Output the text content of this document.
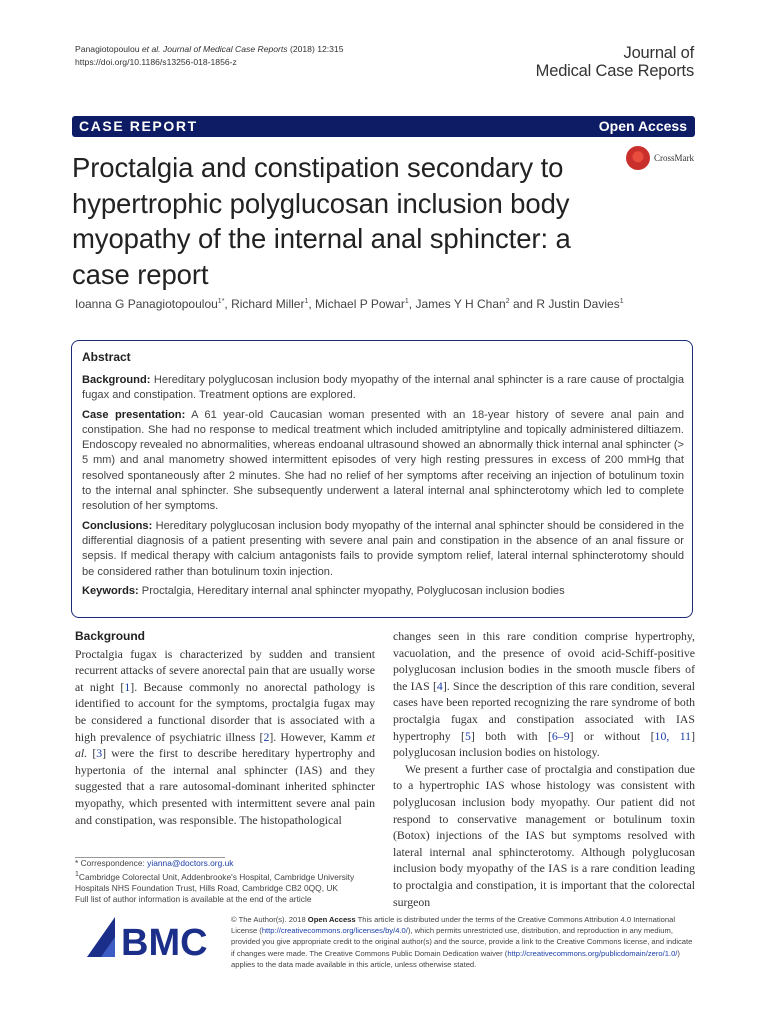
Panagiotopoulou et al. Journal of Medical Case Reports (2018) 12:315
https://doi.org/10.1186/s13256-018-1856-z	Journal of
Medical Case Reports
CASE REPORT	Open Access
Proctalgia and constipation secondary to hypertrophic polyglucosan inclusion body myopathy of the internal anal sphincter: a case report
CrossMark
Ioanna G Panagiotopoulou$^{1*}$, Richard Miller$^1$, Michael P Powar$^1$, James Y H Chan$^2$ and R Justin Davies$^1$
Abstract

Background: Hereditary polyglucosan inclusion body myopathy of the internal anal sphincter is a rare cause of proctalgia fugax and constipation. Treatment options are explored.

Case presentation: A 61 year-old Caucasian woman presented with an 18-year history of severe anal pain and constipation. She had no response to medical treatment which included amitriptyline and topically administered diltiazem. Endoscopy revealed no abnormalities, whereas endoanal ultrasound showed an abnormally thick internal anal sphincter (> 5 mm) and anal manometry showed intermittent episodes of very high resting pressures in excess of 200 mmHg that resolved spontaneously after 2 minutes. She had no relief of her symptoms after receiving an injection of botulinum toxin to the internal anal sphincter. She subsequently underwent a lateral internal anal sphincterotomy which led to complete resolution of her symptoms.

Conclusions: Hereditary polyglucosan inclusion body myopathy of the internal anal sphincter should be considered in the differential diagnosis of a patient presenting with severe anal pain and constipation in the absence of an anal fissure or sepsis. If medical therapy with calcium antagonists fails to provide symptom relief, lateral internal sphincterotomy should be considered rather than botulinum toxin injection.

Keywords: Proctalgia, Hereditary internal anal sphincter myopathy, Polyglucosan inclusion bodies

Background

Proctalgia fugax is characterized by sudden and transient recurrent attacks of severe anorectal pain that are usually worse at night [1]. Because commonly no anorectal pathology is identified to account for the symptoms, proctalgia fugax may be considered a functional disorder that is associated with a high prevalence of psychiatric illness [2]. However, Kamm et al. [3] were the first to describe hereditary hypertrophy and hypertonia of the internal anal sphincter (IAS) and they suggested that a rare autosomal-dominant inherited sphincter myopathy, which presented with intermittent severe anal pain and constipation, was responsible. The histopathological

changes seen in this rare condition comprise hypertrophy, vacuolation, and the presence of ovoid acid-Schiff-positive polyglucosan inclusion bodies in the smooth muscle fibers of the IAS [4]. Since the description of this rare condition, several cases have been reported recognizing the rare syndrome of both proctalgia fugax and constipation associated with IAS hypertrophy [5] both with [6–9] or without [10, 11] polyglucosan inclusion bodies on histology.

We present a further case of proctalgia and constipation due to a hypertrophic IAS whose histology was consistent with polyglucosan inclusion body myopathy. Our patient did not respond to conservative management or botulinum toxin (Botox) injections of the IAS but symptoms resolved with lateral internal anal sphincterotomy. Although polyglucosan inclusion body myopathy of the IAS is a rare condition leading to proctalgia and constipation, it is important that the colorectal surgeon

* Correspondence: yianna@doctors.org.uk
$^1$Cambridge Colorectal Unit, Addenbrooke's Hospital, Cambridge University Hospitals NHS Foundation Trust, Hills Road, Cambridge CB2 0QQ, UK
Full list of author information is available at the end of the article
BMC
© The Author(s). 2018 Open Access This article is distributed under the terms of the Creative Commons Attribution 4.0 International License (http://creativecommons.org/licenses/by/4.0/), which permits unrestricted use, distribution, and reproduction in any medium, provided you give appropriate credit to the original author(s) and the source, provide a link to the Creative Commons license, and indicate if changes were made. The Creative Commons Public Domain Dedication waiver (http://creativecommons.org/publicdomain/zero/1.0/) applies to the data made available in this article, unless otherwise stated.
